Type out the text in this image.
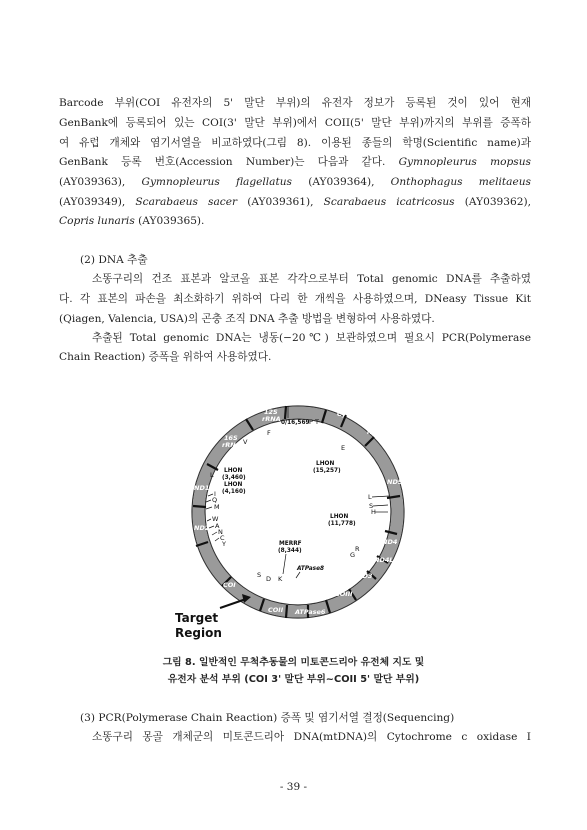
Barcode 부위(COI 유전자의 5' 말단 부위)의 유전자 정보가 등록된 것이 있어 현재
GenBank에 등록되어 있는 COI(3' 말단 부위)에서 COII(5' 말단 부위)까지의 부위를 증폭하
여 유럽 개체와 염기서열을 비교하였다(그림 8). 이용된 종들의 학명(Scientific name)과
GenBank 등록 번호(Accession Number)는 다음과 같다. Gymnopleurus mopsus
(AY039363), Gymnopleurus flagellatus (AY039364), Onthophagus melitaeus
(AY039349), Scarabaeus sacer (AY039361), Scarabaeus icatricosus (AY039362),
Copris lunaris (AY039365).
(2) DNA 추출
소똥구리의 건조 표본과 알코올 표본 각각으로부터 Total genomic DNA를 추출하였
다. 각 표본의 파손을 최소화하기 위하여 다리 한 개씩을 사용하였으며, DNeasy Tissue Kit
(Qiagen, Valencia, USA)의 곤충 조직 DNA 추출 방법을 변형하여 사용하였다.
추출된 Total genomic DNA는 냉동(−20℃) 보관하였으며 필요시 PCR(Polymerase
Chain Reaction) 증폭을 위하여 사용하였다.
12S
rRNA
16S
rRNA
ND1
ND2
COI
COII ATPase6
COIII
ND3
ND4L
ND4
ND5
ND6
Cyt b
F
V
P T
E
L
I
Q
M
W
A
N
C
Y
S D K
G
R
H
S
L
0/16,569
LHON
(15,257)
LHON
(3,460)
LHON
(4,160)
LHON
(11,778)
MERRF
(8,344)
ATPase8
Target
Region
그림 8. 일반적인 무척추동물의 미토콘드리아 유전체 지도 및
유전자 분석 부위 (COI 3' 말단 부위~COII 5' 말단 부위)
(3) PCR(Polymerase Chain Reaction) 증폭 및 염기서열 결정(Sequencing)
소똥구리 몽골 개체군의 미토콘드리아 DNA(mtDNA)의 Cytochrome c oxidase I
- 39 -
